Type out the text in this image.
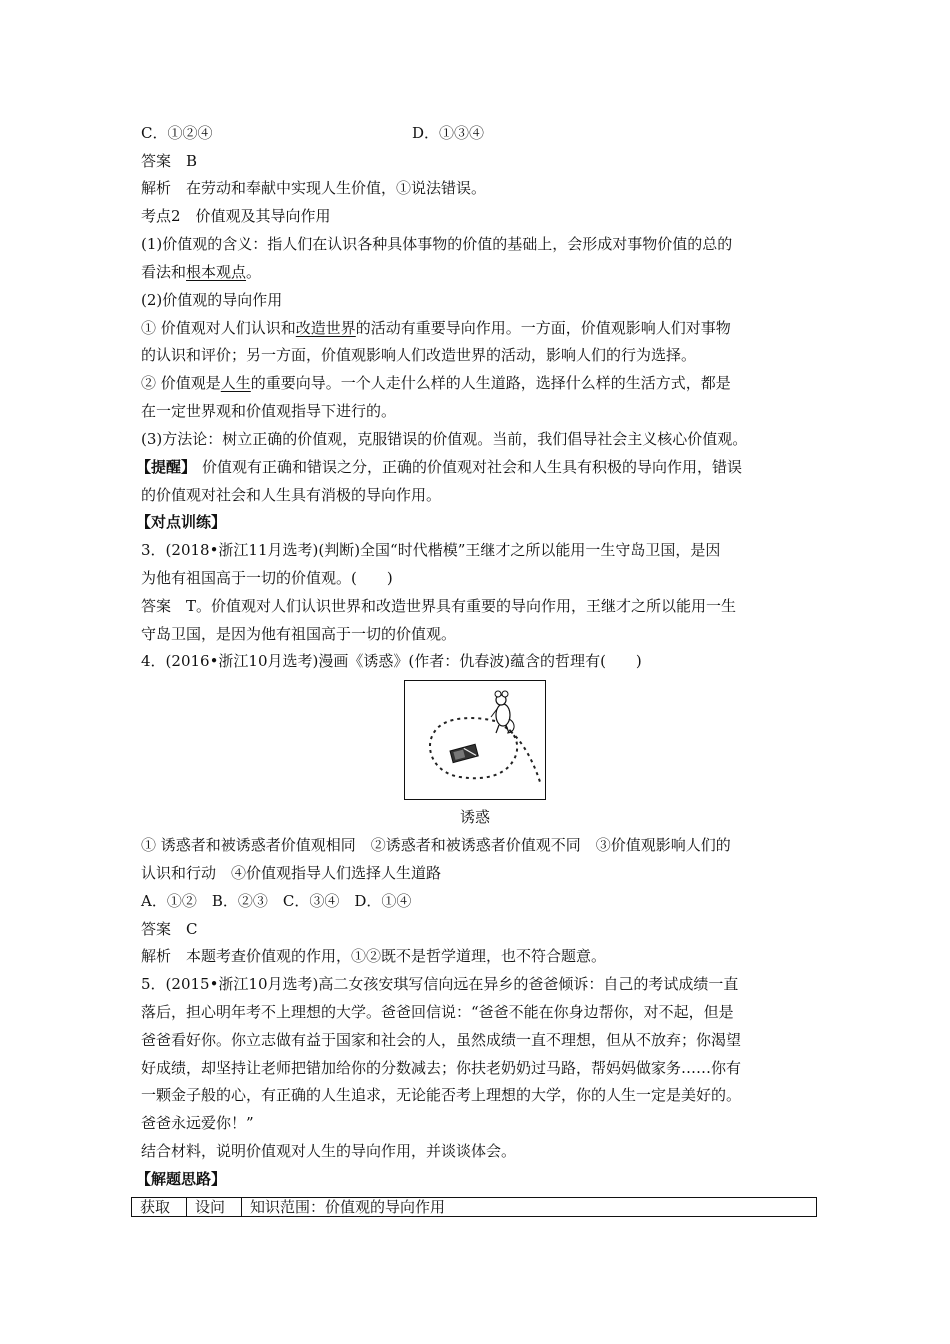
C．①②④	D．①③④
答案　B
解析　在劳动和奉献中实现人生价值，①说法错误。
考点2　价值观及其导向作用
(1)价值观的含义：指人们在认识各种具体事物的价值的基础上，会形成对事物价值的总的
看法和根本观点。
(2)价值观的导向作用
① 价值观对人们认识和改造世界的活动有重要导向作用。一方面，价值观影响人们对事物
的认识和评价；另一方面，价值观影响人们改造世界的活动，影响人们的行为选择。
② 价值观是人生的重要向导。一个人走什么样的人生道路，选择什么样的生活方式，都是
在一定世界观和价值观指导下进行的。
(3)方法论：树立正确的价值观，克服错误的价值观。当前，我们倡导社会主义核心价值观。
【提醒】 价值观有正确和错误之分，正确的价值观对社会和人生具有积极的导向作用，错误
的价值观对社会和人生具有消极的导向作用。
【对点训练】
3．(2018•浙江11月选考)(判断)全国“时代楷模”王继才之所以能用一生守岛卫国，是因
为他有祖国高于一切的价值观。(　　)
答案　T。价值观对人们认识世界和改造世界具有重要的导向作用，王继才之所以能用一生
守岛卫国，是因为他有祖国高于一切的价值观。
4．(2016•浙江10月选考)漫画《诱惑》(作者：仇春波)蕴含的哲理有(　　)
诱惑
① 诱惑者和被诱惑者价值观相同　②诱惑者和被诱惑者价值观不同　③价值观影响人们的
认识和行动　④价值观指导人们选择人生道路
A．①②　B．②③　C．③④　D．①④
答案　C
解析　本题考查价值观的作用，①②既不是哲学道理，也不符合题意。
5．(2015•浙江10月选考)高二女孩安琪写信向远在异乡的爸爸倾诉：自己的考试成绩一直
落后，担心明年考不上理想的大学。爸爸回信说：“爸爸不能在你身边帮你，对不起，但是
爸爸看好你。你立志做有益于国家和社会的人，虽然成绩一直不理想，但从不放弃；你渴望
好成绩，却坚持让老师把错加给你的分数减去；你扶老奶奶过马路，帮妈妈做家务……你有
一颗金子般的心，有正确的人生追求，无论能否考上理想的大学，你的人生一定是美好的。
爸爸永远爱你！”
结合材料，说明价值观对人生的导向作用，并谈谈体会。
【解题思路】
获取	设问	知识范围：价值观的导向作用
